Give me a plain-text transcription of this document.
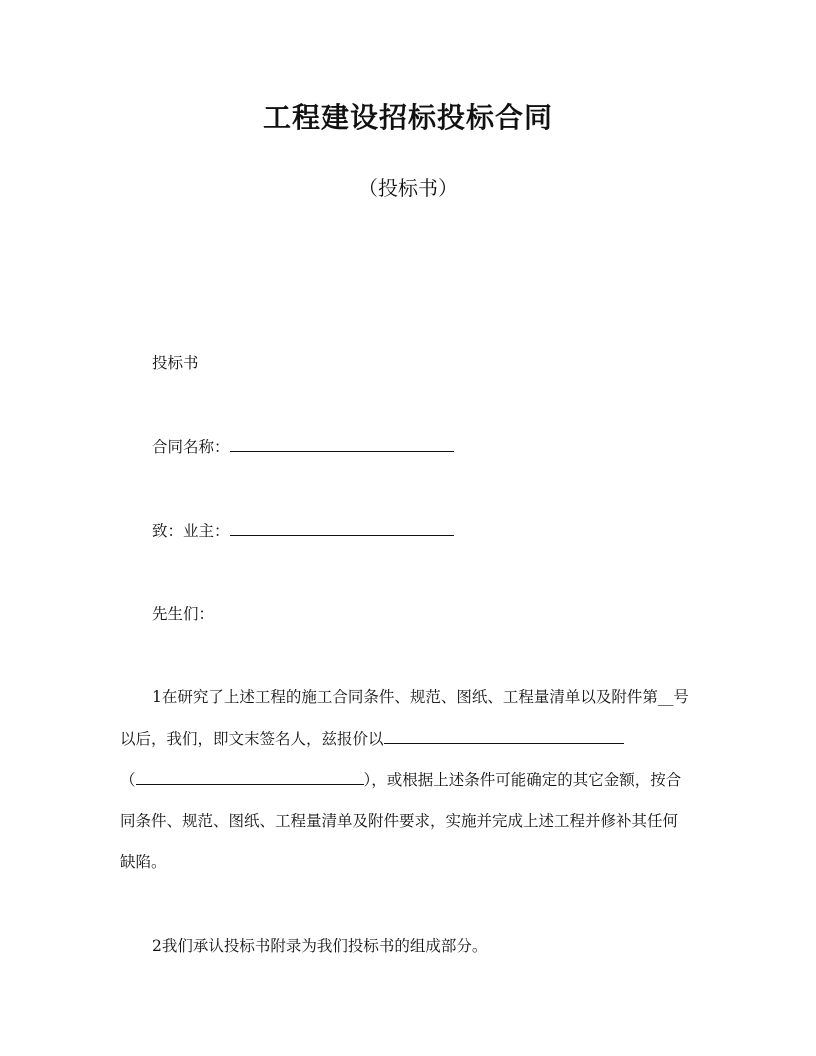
工程建设招标投标合同
（投标书）
投标书
合同名称：
致：业主：
先生们：
1在研究了上述工程的施工合同条件、规范、图纸、工程量清单以及附件第__号
以后，我们，即文末签名人，兹报价以
（	），或根据上述条件可能确定的其它金额，按合
同条件、规范、图纸、工程量清单及附件要求，实施并完成上述工程并修补其任何
缺陷。
2我们承认投标书附录为我们投标书的组成部分。
